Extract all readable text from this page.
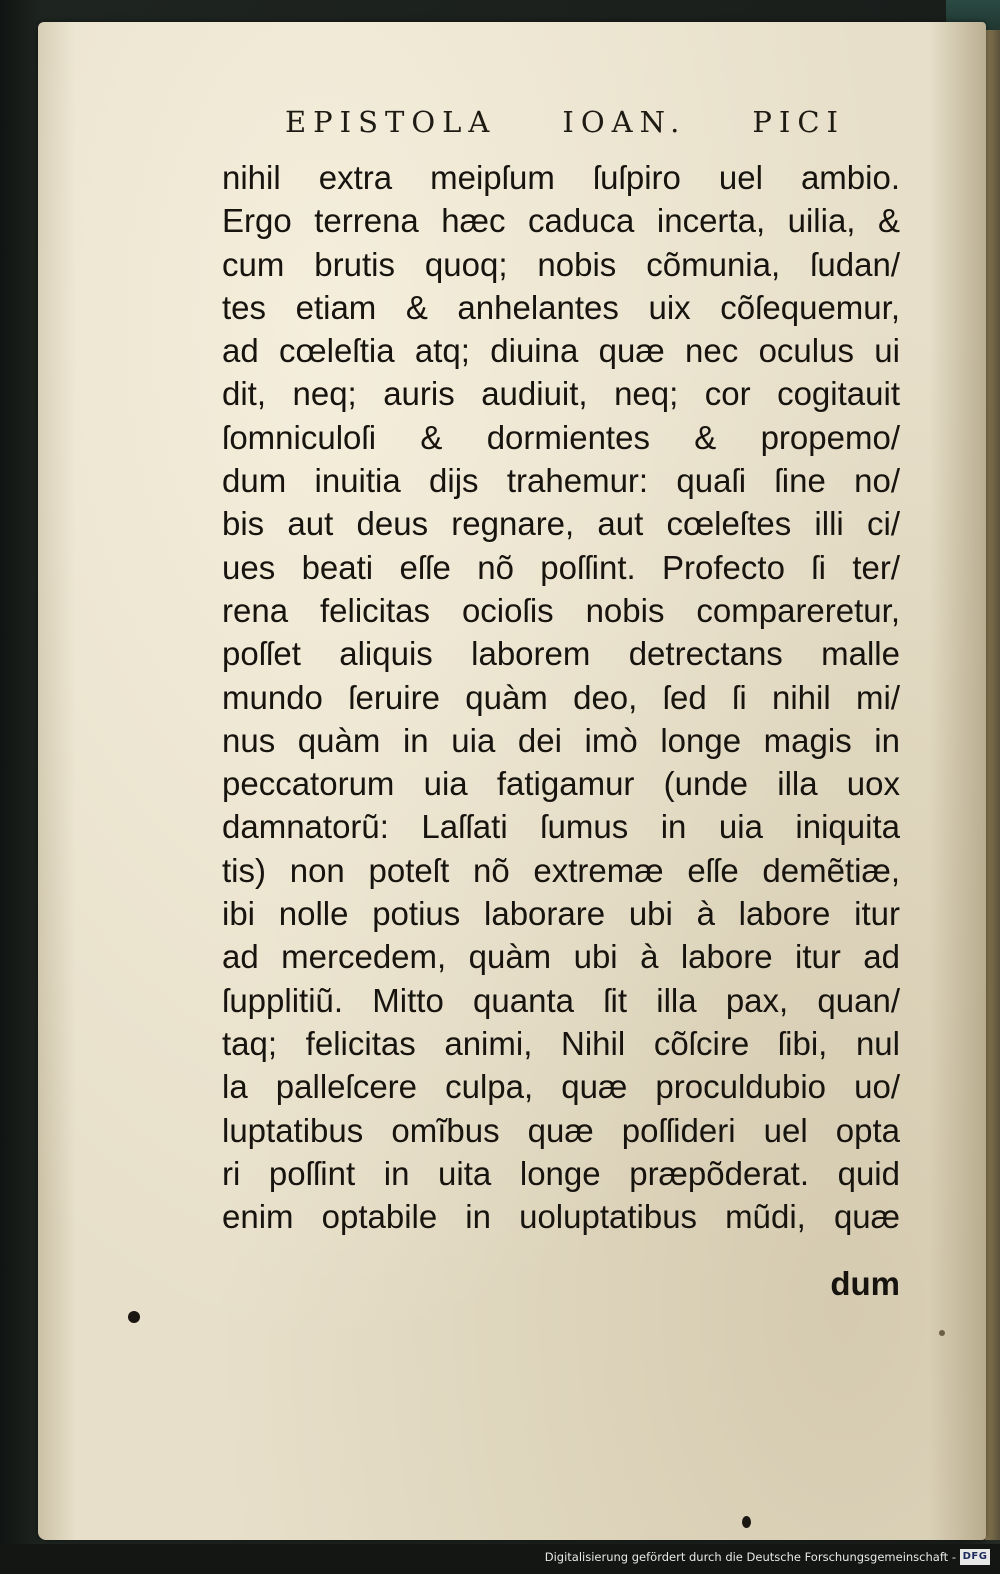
EPISTOLA IOAN. PICI
nihil extra meipſum ſuſpiro uel ambio.
Ergo terrena hæc caduca incerta, uilia, &
cum brutis quoq; nobis cõmunia, ſudan/
tes etiam & anhelantes uix cõſequemur,
ad cœleſtia atq; diuina quæ nec oculus ui
dit, neq; auris audiuit, neq; cor cogitauit
ſomniculoſi & dormientes & propemo/
dum inuitia dijs trahemur: quaſi ſine no/
bis aut deus regnare, aut cœleſtes illi ci/
ues beati eſſe nõ poſſint. Profecto ſi ter/
rena felicitas ocioſis nobis compareretur,
poſſet aliquis laborem detrectans malle
mundo ſeruire quàm deo, ſed ſi nihil mi/
nus quàm in uia dei imò longe magis in
peccatorum uia fatigamur (unde illa uox
damnatorũ: Laſſati ſumus in uia iniquita
tis) non poteſt nõ extremæ eſſe demẽtiæ,
ibi nolle potius laborare ubi à labore itur
ad mercedem, quàm ubi à labore itur ad
ſupplitiũ. Mitto quanta ſit illa pax, quan/
taq; felicitas animi, Nihil cõſcire ſibi, nul
la palleſcere culpa, quæ proculdubio uo/
luptatibus omĩbus quæ poſſideri uel opta
ri poſſint in uita longe præpõderat. quid
enim optabile in uoluptatibus mũdi, quæ
dum
Digitalisierung gefördert durch die Deutsche Forschungsgemeinschaft - DFG
